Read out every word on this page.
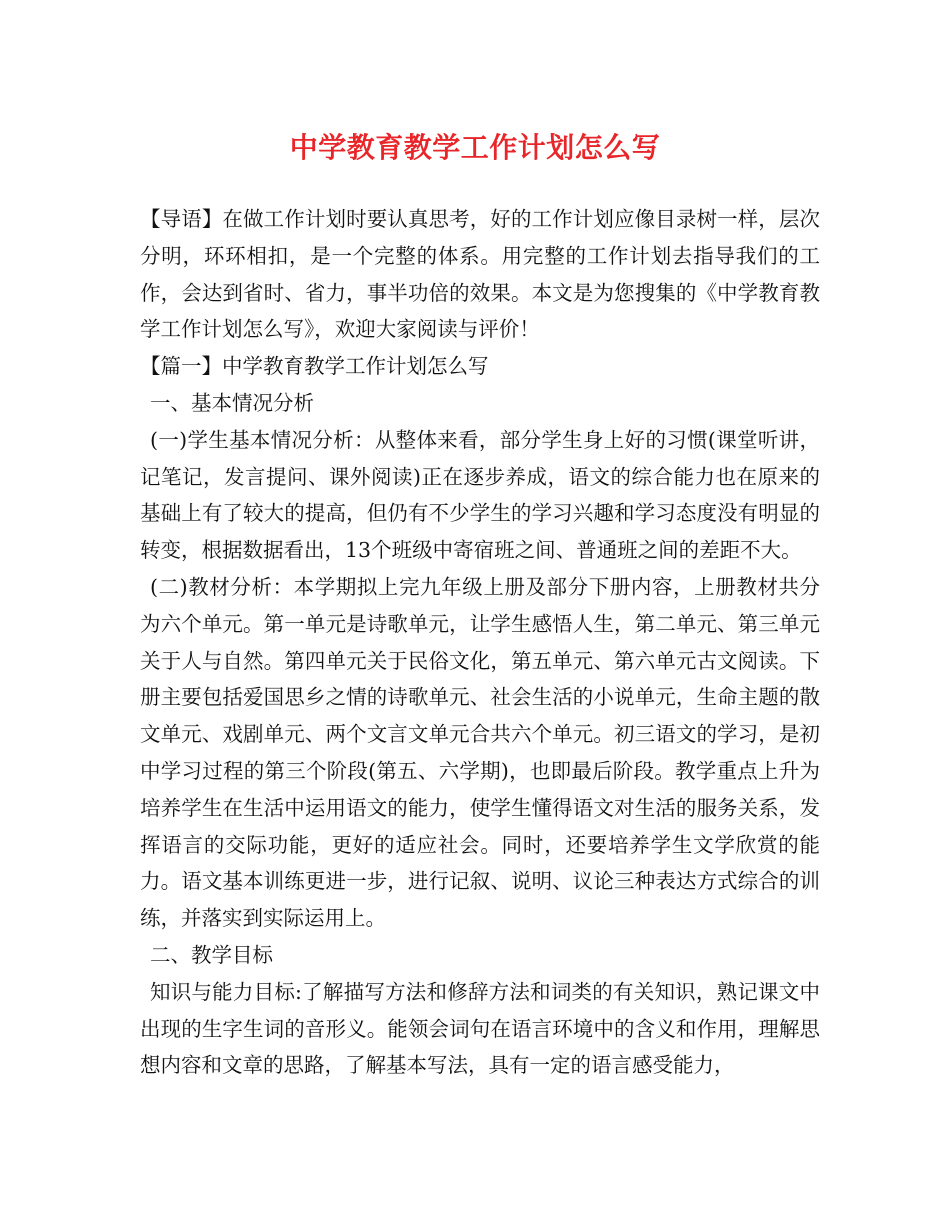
中学教育教学工作计划怎么写

【导语】在做工作计划时要认真思考，好的工作计划应像目录树一样，层次分明，环环相扣，是一个完整的体系。用完整的工作计划去指导我们的工作，会达到省时、省力，事半功倍的效果。本文是为您搜集的《中学教育教学工作计划怎么写》，欢迎大家阅读与评价！

【篇一】中学教育教学工作计划怎么写

一、基本情况分析

(一)学生基本情况分析：从整体来看，部分学生身上好的习惯(课堂听讲，记笔记，发言提问、课外阅读)正在逐步养成，语文的综合能力也在原来的基础上有了较大的提高，但仍有不少学生的学习兴趣和学习态度没有明显的转变，根据数据看出，13个班级中寄宿班之间、普通班之间的差距不大。

(二)教材分析：本学期拟上完九年级上册及部分下册内容，上册教材共分为六个单元。第一单元是诗歌单元，让学生感悟人生，第二单元、第三单元关于人与自然。第四单元关于民俗文化，第五单元、第六单元古文阅读。下册主要包括爱国思乡之情的诗歌单元、社会生活的小说单元，生命主题的散文单元、戏剧单元、两个文言文单元合共六个单元。初三语文的学习，是初中学习过程的第三个阶段(第五、六学期)，也即最后阶段。教学重点上升为培养学生在生活中运用语文的能力，使学生懂得语文对生活的服务关系，发挥语言的交际功能，更好的适应社会。同时，还要培养学生文学欣赏的能力。语文基本训练更进一步，进行记叙、说明、议论三种表达方式综合的训练，并落实到实际运用上。

二、教学目标

知识与能力目标:了解描写方法和修辞方法和词类的有关知识，熟记课文中出现的生字生词的音形义。能领会词句在语言环境中的含义和作用，理解思想内容和文章的思路，了解基本写法，具有一定的语言感受能力，
